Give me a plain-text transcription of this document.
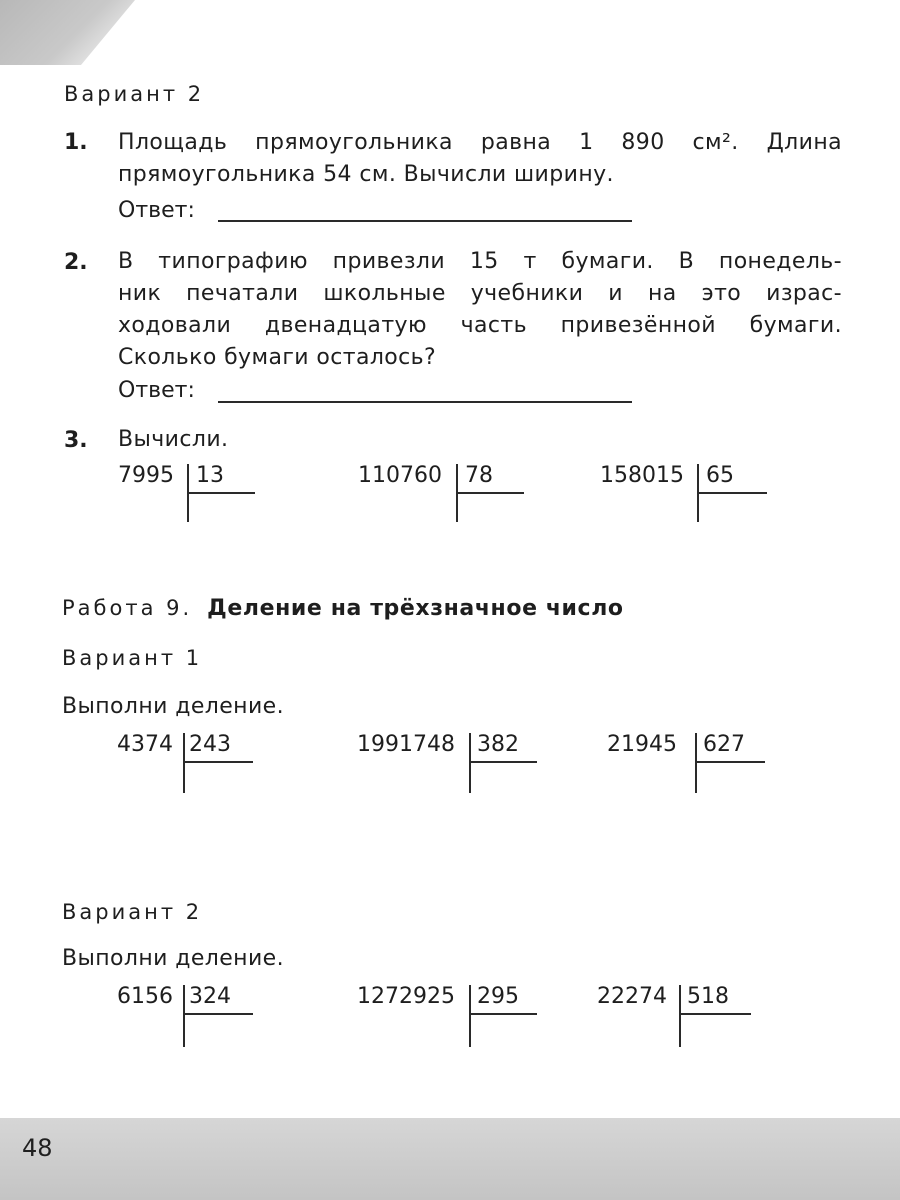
Вариант 2
1. Площадь прямоугольника равна 1 890 см². Длина
прямоугольника 54 см. Вычисли ширину.
Ответ:
2. В типографию привезли 15 т бумаги. В понедель-
ник печатали школьные учебники и на это израс-
ходовали двенадцатую часть привезённой бумаги.
Сколько бумаги осталось?
Ответ:
3. Вычисли.
7995 13	110760 78	158015 65
Работа 9. Деление на трёхзначное число
Вариант 1
Выполни деление.
4374 243	1991748 382	21945 627
Вариант 2
Выполни деление.
6156 324	1272925 295	22274 518
48
